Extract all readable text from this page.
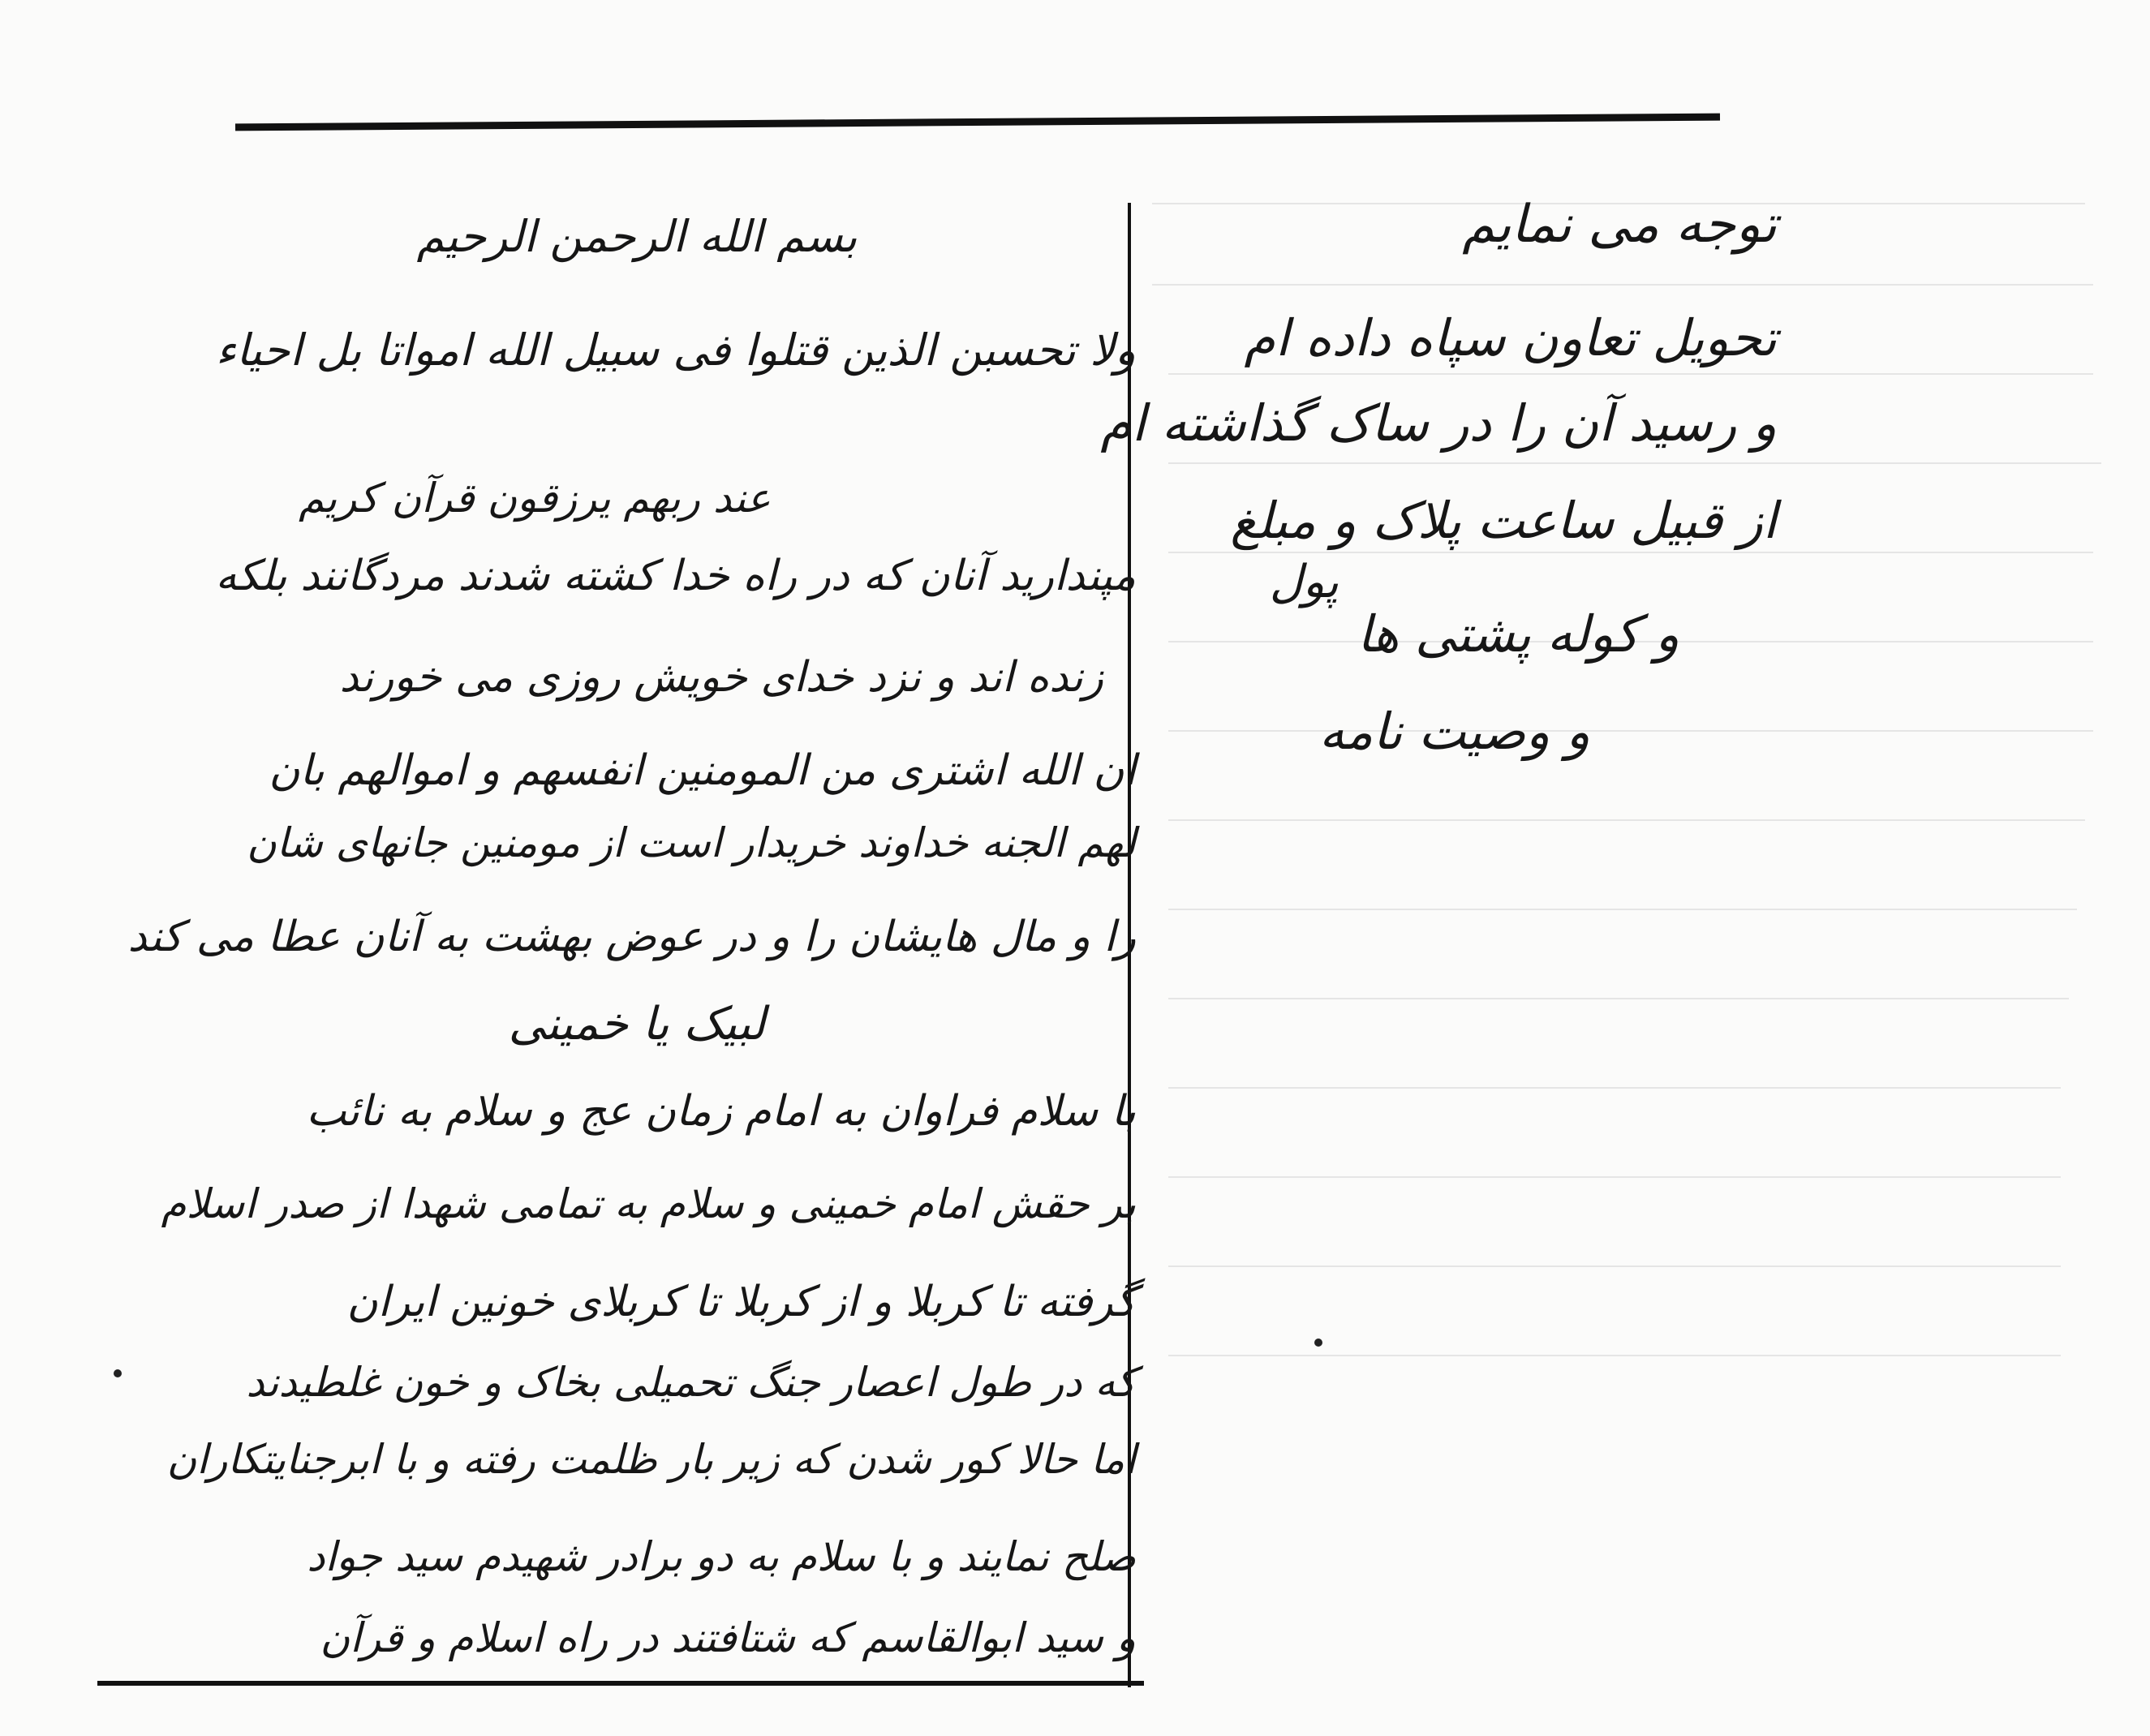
بسم الله الرحمن الرحیم
ولا تحسبن الذین قتلوا فی سبیل الله امواتا بل احیاء
عند ربهم یرزقون قرآن کریم
مپندارید آنان که در راه خدا کشته شدند مردگانند بلکه
زنده اند و نزد خدای خویش روزی می خورند
ان الله اشتری من المومنین انفسهم و اموالهم بان
لهم الجنه خداوند خریدار است از مومنین جانهای شان
را و مال هایشان را و در عوض بهشت به آنان عطا می کند
لبیک یا خمینی
با سلام فراوان به امام زمان عج و سلام به نائب
بر حقش امام خمینی و سلام به تمامی شهدا از صدر اسلام
گرفته تا کربلا و از کربلا تا کربلای خونین ایران
که در طول اعصار جنگ تحمیلی بخاک و خون غلطیدند
اما حالا کور شدن که زیر بار ظلمت رفته و با ابرجنایتکاران
صلح نمایند و با سلام به دو برادر شهیدم سید جواد
و سید ابوالقاسم که شتافتند در راه اسلام و قرآن
توجه می نمایم
تحویل تعاون سپاه داده ام
و رسید آن را در ساک گذاشته ام
از قبیل ساعت پلاک و مبلغ
پول
و کوله پشتی ها
و وصیت نامه
